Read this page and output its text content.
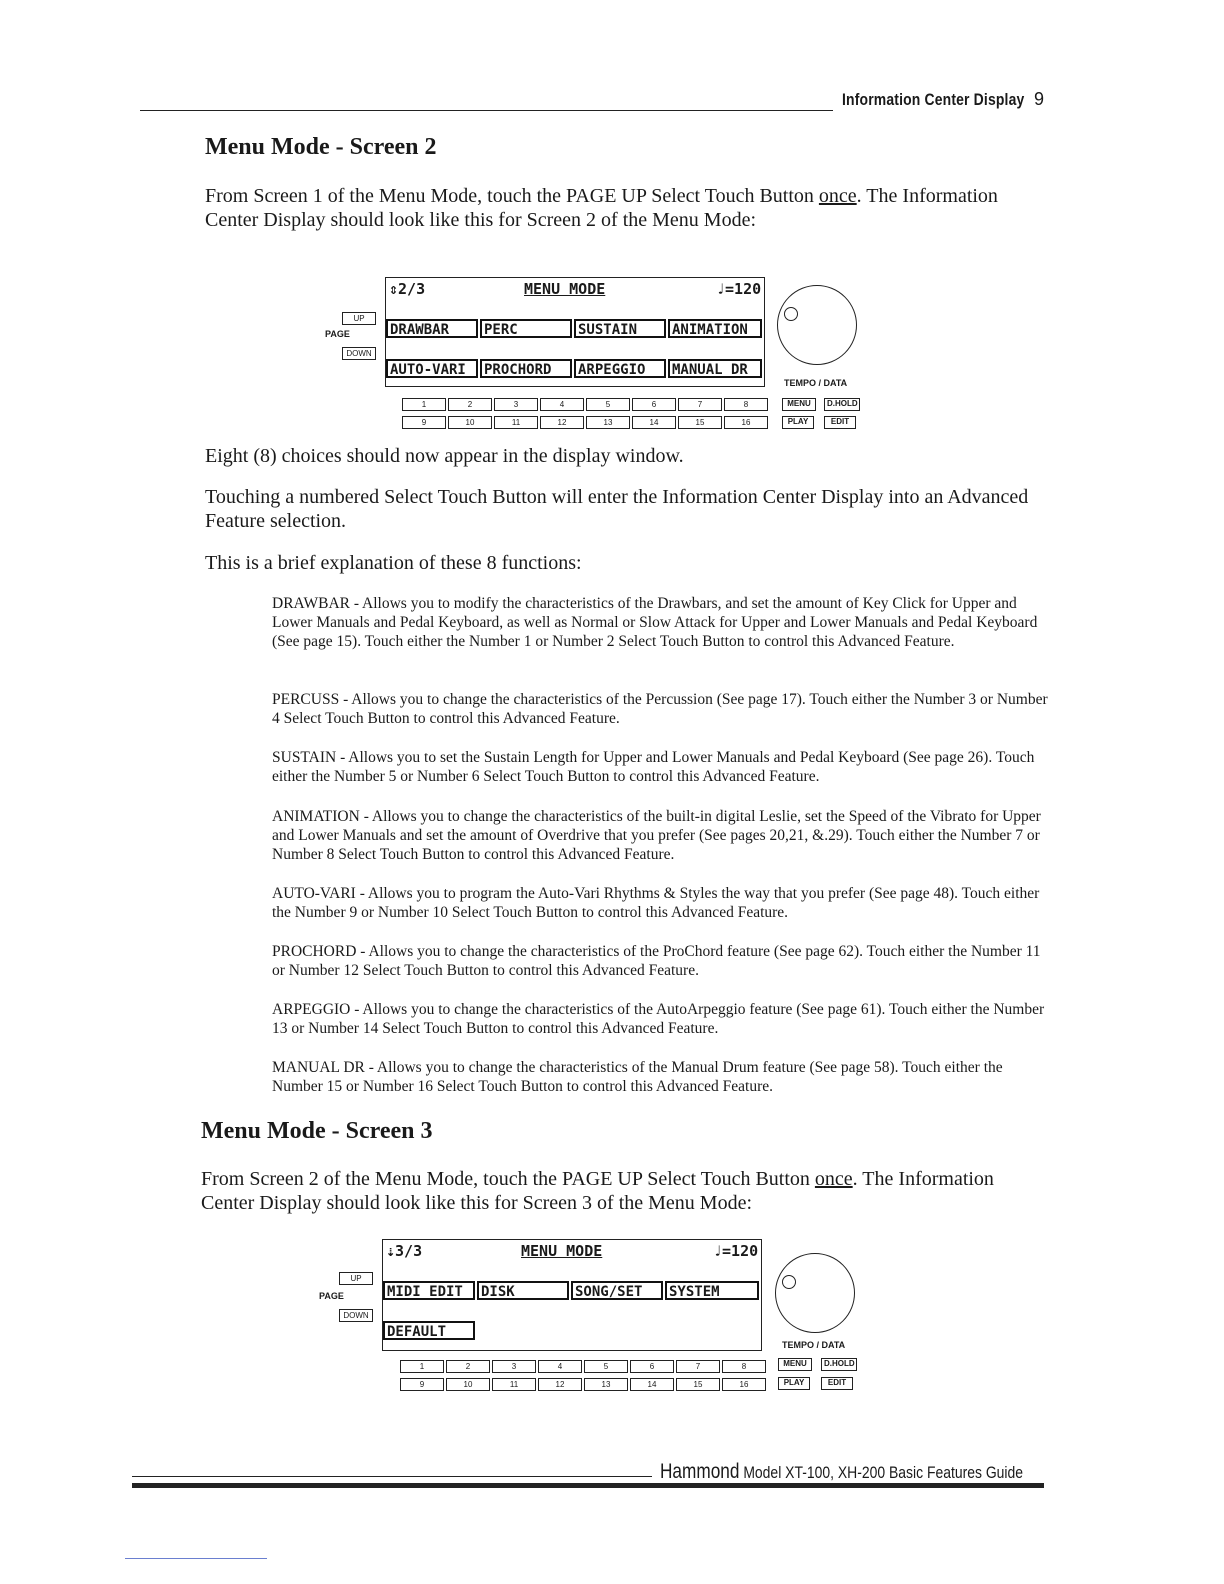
Information Center Display 9
Menu Mode - Screen 2

From Screen 1 of the Menu Mode, touch the PAGE UP Select Touch Button once. The Information Center Display should look like this for Screen 2 of the Menu Mode:

UP
PAGE
DOWN
⇕2/3	MENU MODE	♩=120
DRAWBAR	PERC	SUSTAIN	ANIMATION
AUTO-VARI	PROCHORD	ARPEGGIO	MANUAL DR
TEMPO / DATA
1	2	3	4	5	6	7	8
9	10	11	12	13	14	15	16
MENU	D.HOLD
PLAY	EDIT

Eight (8) choices should now appear in the display window.

Touching a numbered Select Touch Button will enter the Information Center Display into an Advanced Feature selection.

This is a brief explanation of these 8 functions:

DRAWBAR - Allows you to modify the characteristics of the Drawbars, and set the amount of Key Click for Upper and Lower Manuals and Pedal Keyboard, as well as Normal or Slow Attack for Upper and Lower Manuals and Pedal Keyboard (See page 15). Touch either the Number 1 or Number 2 Select Touch Button to control this Advanced Feature.

PERCUSS - Allows you to change the characteristics of the Percussion (See page 17). Touch either the Number 3 or Number 4 Select Touch Button to control this Advanced Feature.

SUSTAIN - Allows you to set the Sustain Length for Upper and Lower Manuals and Pedal Keyboard (See page 26). Touch either the Number 5 or Number 6 Select Touch Button to control this Advanced Feature.

ANIMATION - Allows you to change the characteristics of the built-in digital Leslie, set the Speed of the Vibrato for Upper and Lower Manuals and set the amount of Overdrive that you prefer (See pages 20,21, &.29). Touch either the Number 7 or Number 8 Select Touch Button to control this Advanced Feature.

AUTO-VARI - Allows you to program the Auto-Vari Rhythms & Styles the way that you prefer (See page 48). Touch either the Number 9 or Number 10 Select Touch Button to control this Advanced Feature.

PROCHORD - Allows you to change the characteristics of the ProChord feature (See page 62). Touch either the Number 11 or Number 12 Select Touch Button to control this Advanced Feature.

ARPEGGIO - Allows you to change the characteristics of the AutoArpeggio feature (See page 61). Touch either the Number 13 or Number 14 Select Touch Button to control this Advanced Feature.

MANUAL DR - Allows you to change the characteristics of the Manual Drum feature (See page 58). Touch either the Number 15 or Number 16 Select Touch Button to control this Advanced Feature.

Menu Mode - Screen 3

From Screen 2 of the Menu Mode, touch the PAGE UP Select Touch Button once. The Information Center Display should look like this for Screen 3 of the Menu Mode:

UP
PAGE
DOWN
⇣3/3	MENU MODE	♩=120
MIDI EDIT	DISK	SONG/SET	SYSTEM
DEFAULT
TEMPO / DATA
1	2	3	4	5	6	7	8
9	10	11	12	13	14	15	16
MENU	D.HOLD
PLAY	EDIT
Hammond Model XT-100, XH-200 Basic Features Guide
